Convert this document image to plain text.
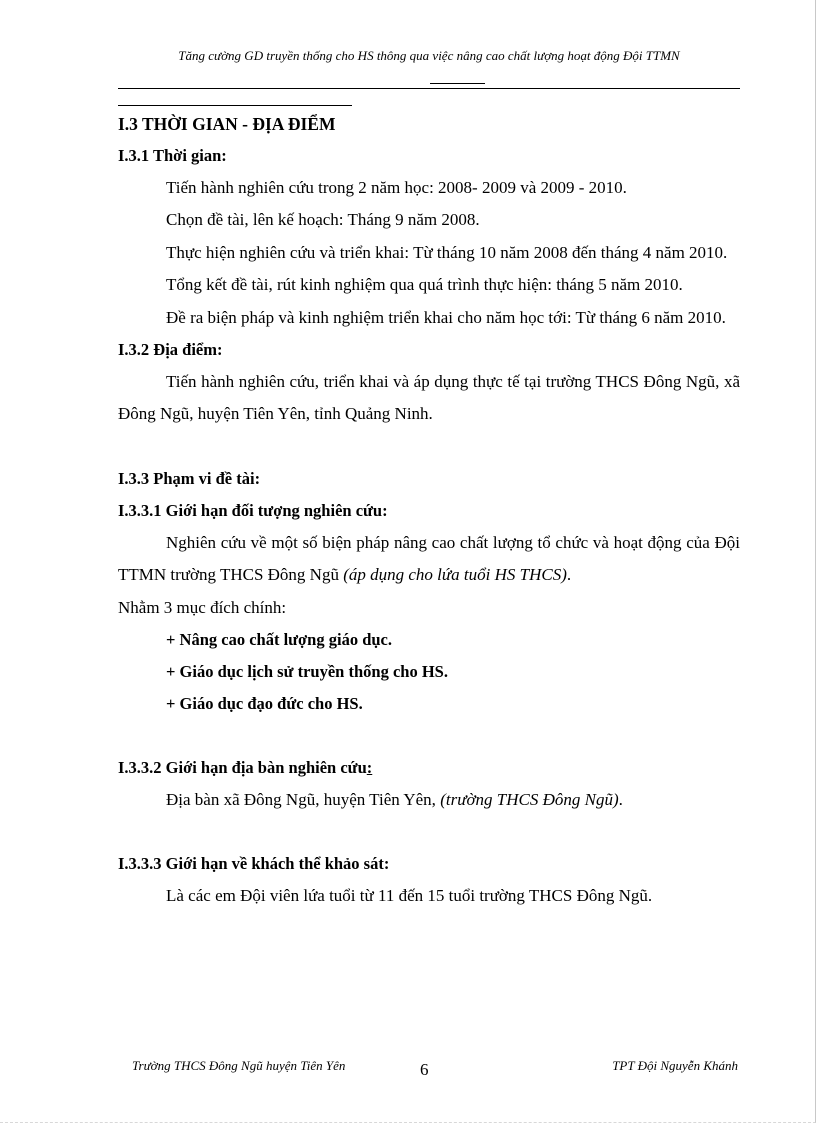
Tăng cường GD truyền thống cho HS thông qua việc nâng cao chất lượng hoạt động Đội TTMN

I.3 THỜI GIAN - ĐỊA ĐIỂM

I.3.1 Thời gian:

Tiến hành nghiên cứu trong 2 năm học: 2008- 2009 và 2009 - 2010.

Chọn đề tài, lên kế hoạch: Tháng 9 năm 2008.

Thực hiện nghiên cứu và triển khai: Từ tháng 10 năm 2008 đến tháng 4 năm 2010.

Tổng kết đề tài, rút kinh nghiệm qua quá trình thực hiện: tháng 5 năm 2010.

Đề ra biện pháp và kinh nghiệm triển khai cho năm học tới: Từ tháng 6 năm 2010.

I.3.2 Địa điểm:

Tiến hành nghiên cứu, triển khai và áp dụng thực tế tại trường THCS Đông Ngũ, xã Đông Ngũ, huyện Tiên Yên, tỉnh Quảng Ninh.

I.3.3 Phạm vi đề tài:

I.3.3.1 Giới hạn đối tượng nghiên cứu:

Nghiên cứu về một số biện pháp nâng cao chất lượng tổ chức và hoạt động của Đội TTMN trường THCS Đông Ngũ (áp dụng cho lứa tuổi HS THCS).

Nhằm 3 mục đích chính:

+ Nâng cao chất lượng giáo dục.

+ Giáo dục lịch sử truyền thống cho HS.

+ Giáo dục đạo đức cho HS.

I.3.3.2 Giới hạn địa bàn nghiên cứu:

Địa bàn xã Đông Ngũ, huyện Tiên Yên, (trường THCS Đông Ngũ).

I.3.3.3 Giới hạn về khách thể khảo sát:

Là các em Đội viên lứa tuổi từ 11 đến 15 tuổi trường THCS Đông Ngũ.

Trường THCS Đông Ngũ huyện Tiên Yên	6	TPT Đội Nguyễn Khánh
